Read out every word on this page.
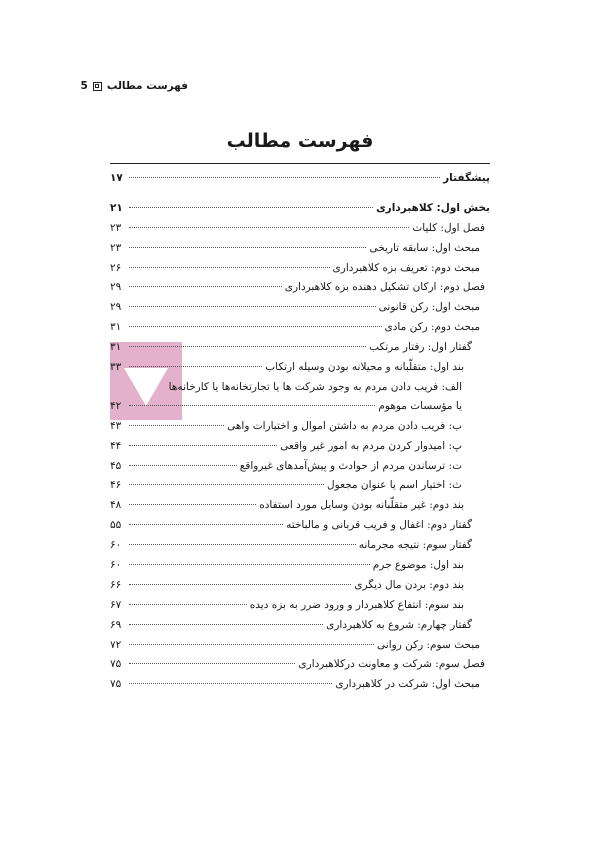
فهرست مطالب
5
فهرست مطالب
پیشگفتار
۱۷
بخش اول: کلاهبرداری
۲۱
فصل اول: کلیات
۲۳
مبحث اول: سابقه تاریخی
۲۳
مبحث دوم: تعریف بزه کلاهبرداری
۲۶
فصل دوم: ارکان تشکیل دهنده بزه کلاهبرداری
۲۹
مبحث اول: رکن قانونی
۲۹
مبحث دوم: رکن مادی
۳۱
گفتار اول: رفتار مرتکب
۳۱
بند اول: متقلّبانه و محیلانه بودن وسیله ارتکاب
۳۳
الف: فریب دادن مردم به وجود شرکت ها یا تجارتخانه‌ها یا کارخانه‌ها
یا مؤسسات موهوم
۴۲
ب: فریب دادن مردم به داشتن اموال و اختیارات واهی
۴۳
پ: امیدوار کردن مردم به امور غیر واقعی
۴۴
ت: ترساندن مردم از حوادث و پیش‌آمدهای غیرواقع
۴۵
ث: اختیار اسم یا عنوان مجعول
۴۶
بند دوم: غیر متقلّبانه بودن وسایل مورد استفاده
۴۸
گفتار دوم: اغفال و فریب قربانی و مالباخته
۵۵
گفتار سوم: نتیجه مجرمانه
۶۰
بند اول: موضوع جرم
۶۰
بند دوم: بردن مال دیگری
۶۶
بند سوم: انتفاع کلاهبردار و ورود ضرر به بزه دیده
۶۷
گفتار چهارم: شروع به کلاهبرداری
۶۹
مبحث سوم: رکن روانی
۷۲
فصل سوم: شرکت و معاونت درکلاهبرداری
۷۵
مبحث اول: شرکت در کلاهبرداری
۷۵
